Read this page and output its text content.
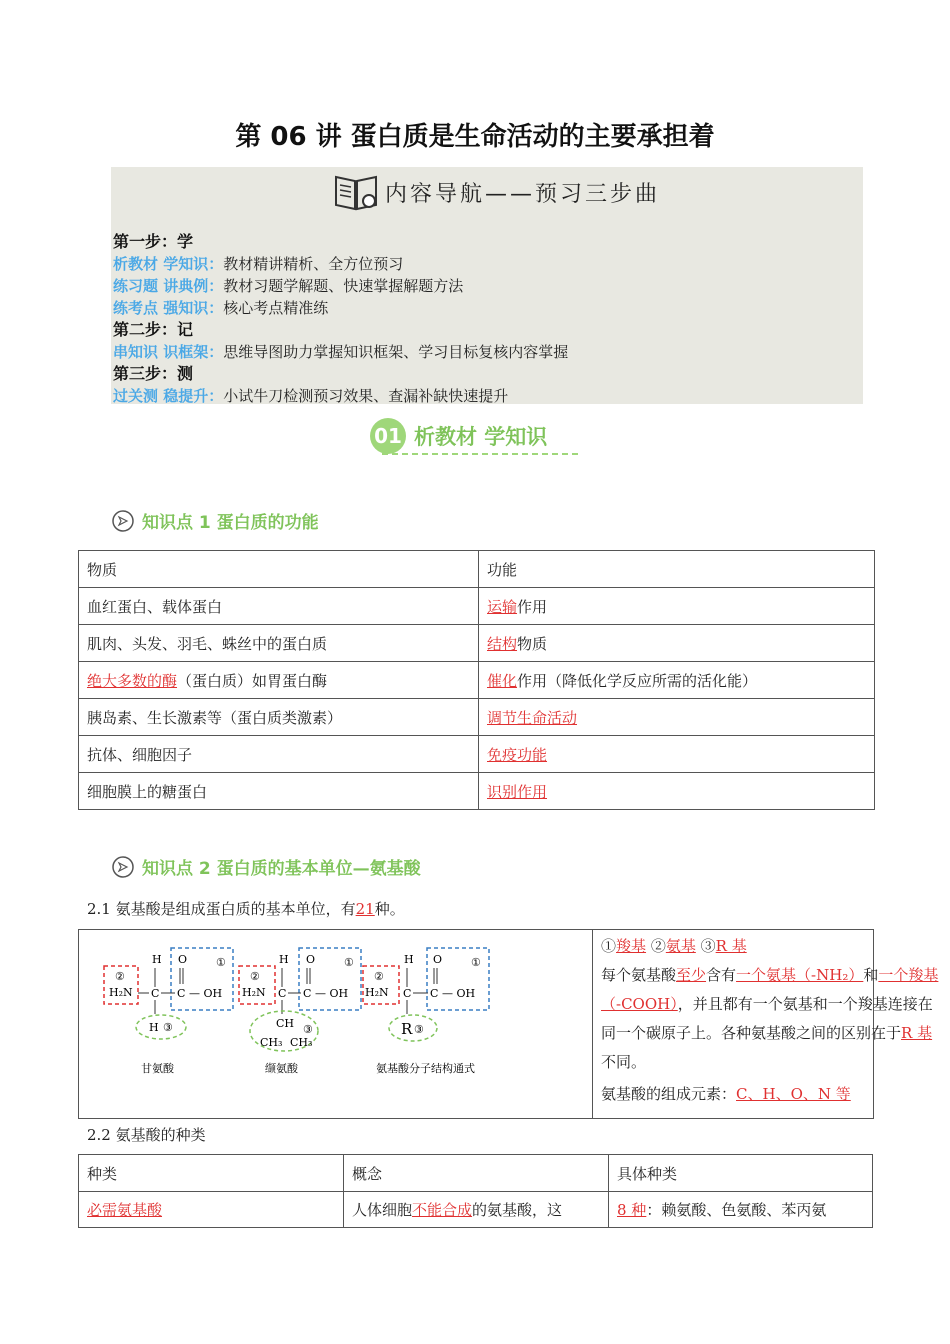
第 06 讲 蛋白质是生命活动的主要承担着
内容导航——预习三步曲
第一步：学
析教材 学知识：教材精讲精析、全方位预习
练习题 讲典例：教材习题学解题、快速掌握解题方法
练考点 强知识：核心考点精准练
第二步：记
串知识 识框架：思维导图助力掌握知识框架、学习目标复核内容掌握
第三步：测
过关测 稳提升：小试牛刀检测预习效果、查漏补缺快速提升
01 析教材 学知识
知识点 1 蛋白质的功能
物质	功能
血红蛋白、载体蛋白	运输作用
肌肉、头发、羽毛、蛛丝中的蛋白质	结构物质
绝大多数的酶（蛋白质）如胃蛋白酶	催化作用（降低化学反应所需的活化能）
胰岛素、生长激素等（蛋白质类激素）	调节生命活动
抗体、细胞因子	免疫功能
细胞膜上的糖蛋白	识别作用
知识点 2 蛋白质的基本单位—氨基酸
2.1 氨基酸是组成蛋白质的基本单位，有21种。
②
H₂N
H O	①
C C — OH
H ③
甘氨酸
②
H₂N
H O	①
C C — OH
CH ③
CH₃ CH₃
缬氨酸
②
H₂N
H O	①
C C — OH
R ③
氨基酸分子结构通式
①羧基 ②氨基 ③R 基
每个氨基酸至少含有一个氨基（-NH₂）和一个羧基（-COOH），并且都有一个氨基和一个羧基连接在同一个碳原子上。各种氨基酸之间的区别在于R 基不同。
氨基酸的组成元素：C、H、O、N 等
2.2 氨基酸的种类
种类	概念	具体种类
必需氨基酸	人体细胞不能合成的氨基酸，这	8 种：赖氨酸、色氨酸、苯丙氨
